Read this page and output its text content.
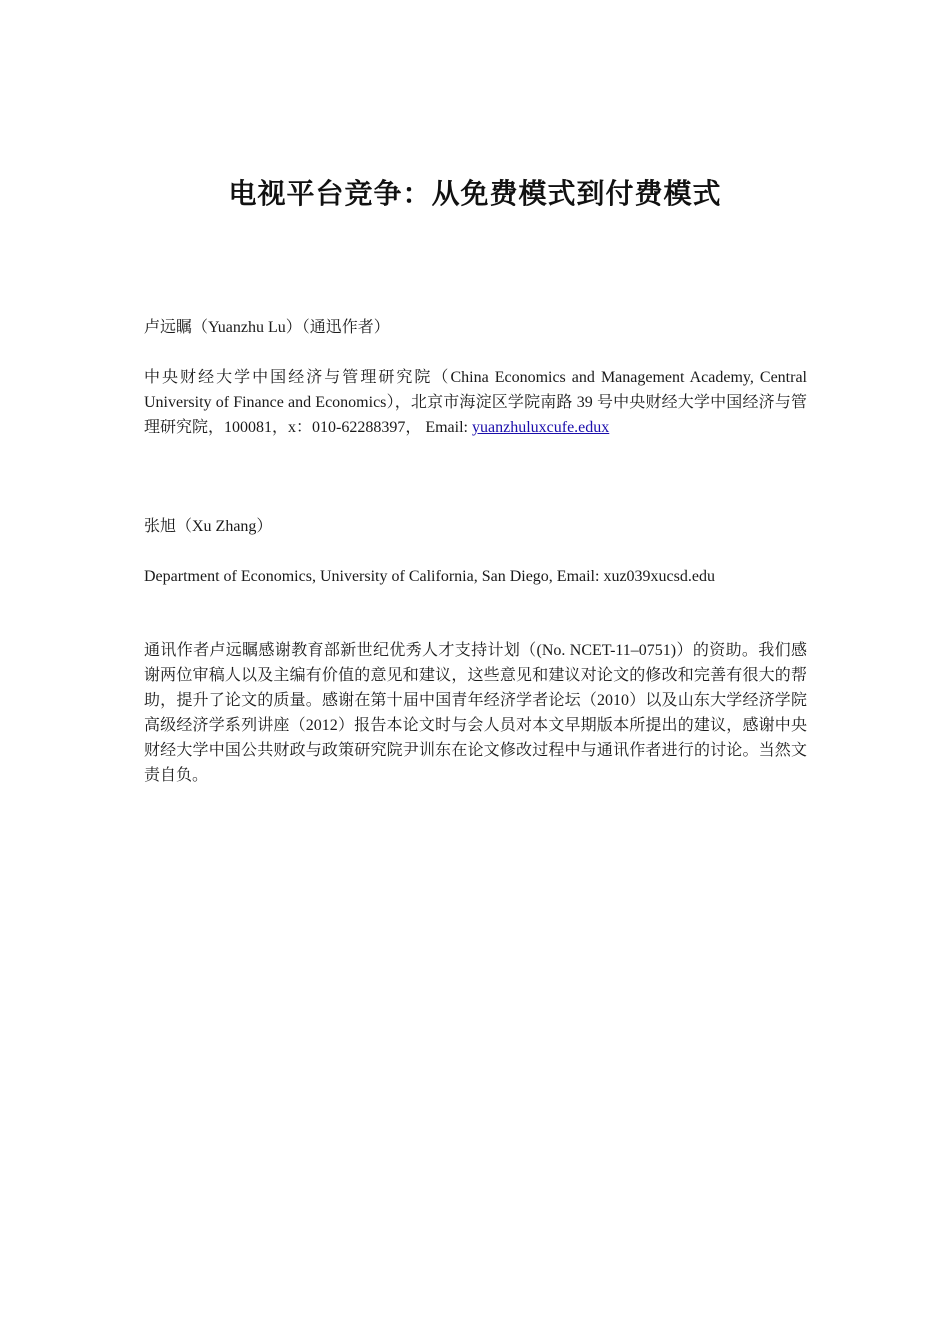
电视平台竞争：从免费模式到付费模式

卢远瞩（Yuanzhu Lu）（通迅作者）

中央财经大学中国经济与管理研究院（China Economics and Management Academy, Central University of Finance and Economics），北京市海淀区学院南路 39 号中央财经大学中国经济与管理研究院，100081，x：010-62288397， Email: yuanzhuluxcufe.edux

张旭（Xu Zhang）

Department of Economics, University of California, San Diego, Email: xuz039xucsd.edu

通讯作者卢远瞩感谢教育部新世纪优秀人才支持计划（(No. NCET-11–0751)）的资助。我们感谢两位审稿人以及主编有价值的意见和建议，这些意见和建议对论文的修改和完善有很大的帮助，提升了论文的质量。感谢在第十届中国青年经济学者论坛（2010）以及山东大学经济学院高级经济学系列讲座（2012）报告本论文时与会人员对本文早期版本所提出的建议，感谢中央财经大学中国公共财政与政策研究院尹训东在论文修改过程中与通讯作者进行的讨论。当然文责自负。
